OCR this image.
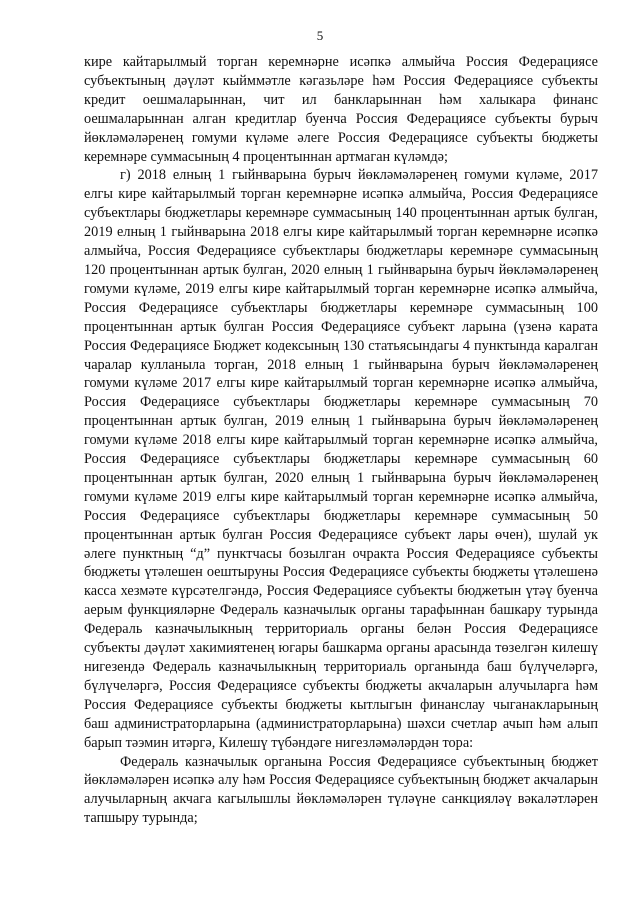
5

кире кайтарылмый торган керемнәрне исәпкә алмыйча Россия Федерациясе субъектының дәүләт кыйммәтле кәгазьләре һәм Россия Федерациясе субъекты кредит оешмаларыннан, чит ил банкларыннан һәм халыкара финанс оешмаларыннан алган кредитлар буенча Россия Федерациясе субъекты бурыч йөкләмәләренең гомуми күләме әлеге Россия Федерациясе субъекты бюджеты керемнәре суммасының 4 процентыннан артмаган күләмдә;

г) 2018 елның 1 гыйнварына бурыч йөкләмәләренең гомуми күләме, 2017 елгы кире кайтарылмый торган керемнәрне исәпкә алмыйча, Россия Федерациясе субъектлары бюджетлары керемнәре суммасының 140 процентыннан артык булган, 2019 елның 1 гыйнварына 2018 елгы кире кайтарылмый торган керемнәрне исәпкә алмыйча, Россия Федерациясе субъектлары бюджетлары керемнәре суммасының 120 процентыннан артык булган, 2020 елның 1 гыйнварына бурыч йөкләмәләренең гомуми күләме, 2019 елгы кире кайтарылмый торган керемнәрне исәпкә алмыйча, Россия Федерациясе субъектлары бюджетлары керемнәре суммасының 100 процентыннан артык булган Россия Федерациясе субъект ларына (үзенә карата Россия Федерациясе Бюджет кодексының 130 статьясындагы 4 пунктында каралган чаралар кулланыла торган, 2018 елның 1 гыйнварына бурыч йөкләмәләренең гомуми күләме 2017 елгы кире кайтарылмый торган керемнәрне исәпкә алмыйча, Россия Федерациясе субъектлары бюджетлары керемнәре суммасының 70 процентыннан артык булган, 2019 елның 1 гыйнварына бурыч йөкләмәләренең гомуми күләме 2018 елгы кире кайтарылмый торган керемнәрне исәпкә алмыйча, Россия Федерациясе субъектлары бюджетлары керемнәре суммасының 60 процентыннан артык булган, 2020 елның 1 гыйнварына бурыч йөкләмәләренең гомуми күләме 2019 елгы кире кайтарылмый торган керемнәрне исәпкә алмыйча, Россия Федерациясе субъектлары бюджетлары керемнәре суммасының 50 процентыннан артык булган Россия Федерациясе субъект лары өчен), шулай ук әлеге пунктның “д” пунктчасы бозылган очракта Россия Федерациясе субъекты бюджеты үтәлешен оештыруны Россия Федерациясе субъекты бюджеты үтәлешенә касса хезмәте күрсәтелгәндә, Россия Федерациясе субъекты бюджетын үтәү буенча аерым функцияләрне Федераль казначылык органы тарафыннан башкару турында Федераль казначылыкның территориаль органы белән Россия Федерациясе субъекты дәүләт хакимиятенең югары башкарма органы арасында төзелгән килешү нигезендә Федераль казначылыкның территориаль органында баш бүлүчеләргә, бүлүчеләргә, Россия Федерациясе субъекты бюджеты акчаларын алучыларга һәм Россия Федерациясе субъекты бюджеты кытлыгын финанслау чыганакларының баш администраторларына (администраторларына) шәхси счетлар ачып һәм алып барып тәэмин итәргә, Килешү түбәндәге нигезләмәләрдән тора:

Федераль казначылык органына Россия Федерациясе субъектының бюджет йөкләмәләрен исәпкә алу һәм Россия Федерациясе субъектының бюджет акчаларын алучыларның акчага кагылышлы йөкләмәләрен түләүне санкцияләү вәкаләтләрен тапшыру турында;
